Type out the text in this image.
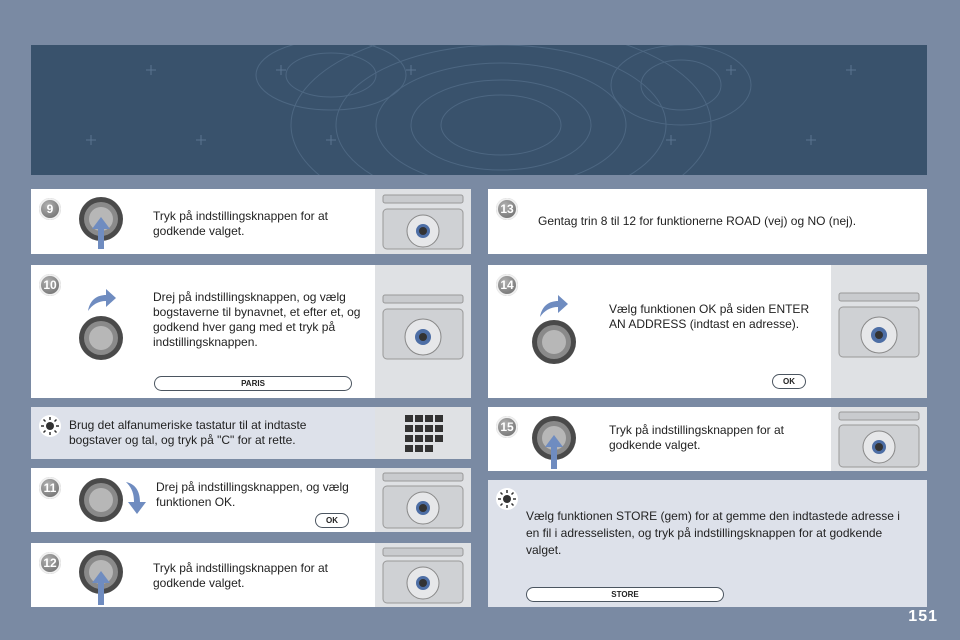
9	Tryk på indstillingsknappen for at godkende valget.
10
Drej på indstillingsknappen, og vælg bogstaverne til bynavnet, et efter et, og godkend hver gang med et tryk på indstillingsknappen.
PARIS
Brug det alfanumeriske tastatur til at indtaste bogstaver og tal, og tryk på "C" for at rette.
11	Drej på indstillingsknappen, og vælg funktionen OK.
OK
12	Tryk på indstillingsknappen for at godkende valget.
13
Gentag trin 8 til 12 for funktionerne ROAD (vej) og NO (nej).
14
Vælg funktionen OK på siden ENTER AN ADDRESS (indtast en adresse).
OK
15	Tryk på indstillingsknappen for at godkende valget.
Vælg funktionen STORE (gem) for at gemme den indtastede adresse i en fil i adresselisten, og tryk på indstillingsknappen for at godkende valget.
STORE
151
